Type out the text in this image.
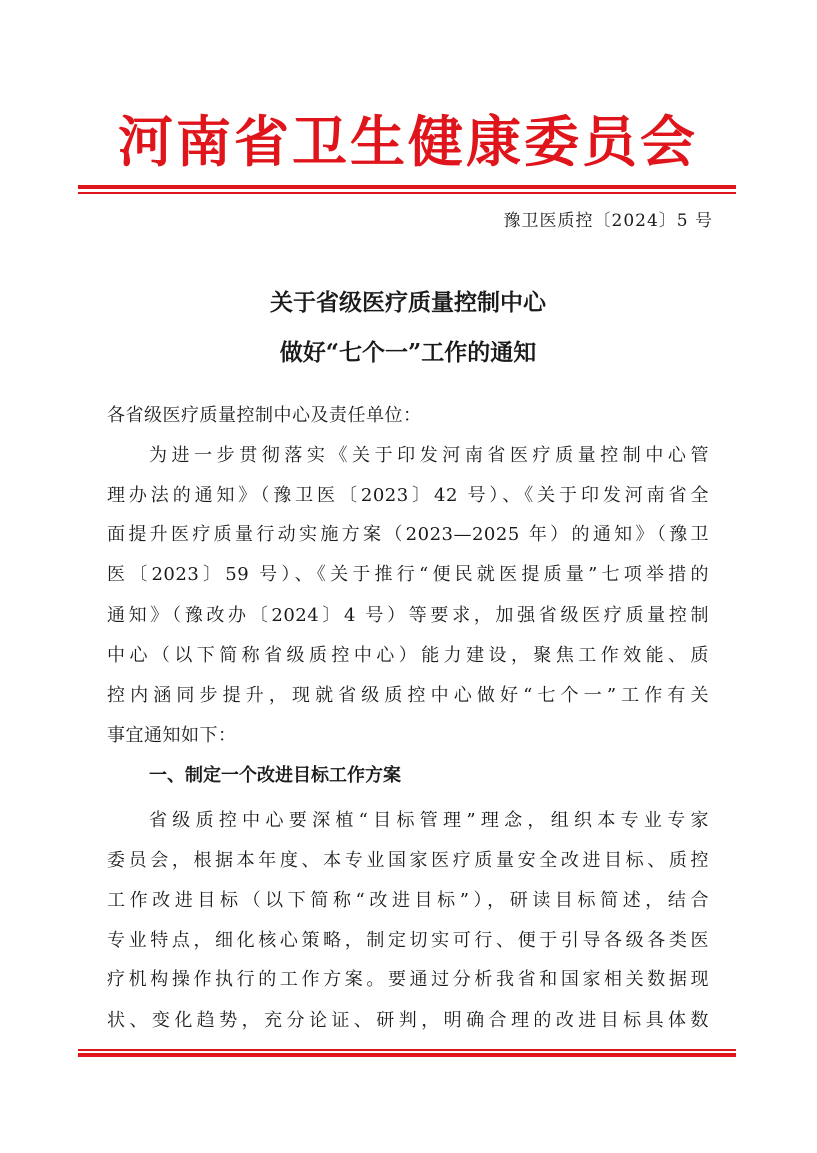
河南省卫生健康委员会
豫卫医质控〔2024〕5 号
关于省级医疗质量控制中心
做好“七个一”工作的通知
各省级医疗质量控制中心及责任单位：
为进一步贯彻落实《关于印发河南省医疗质量控制中心管
理办法的通知》（豫卫医〔2023〕42 号）、《关于印发河南省全
面提升医疗质量行动实施方案（2023—2025 年）的通知》（豫卫
医〔2023〕59 号）、《关于推行“便民就医提质量”七项举措的
通知》（豫改办〔2024〕4 号）等要求，加强省级医疗质量控制
中心（以下简称省级质控中心）能力建设，聚焦工作效能、质
控内涵同步提升，现就省级质控中心做好“七个一”工作有关
事宜通知如下：
一、制定一个改进目标工作方案
省级质控中心要深植“目标管理”理念，组织本专业专家
委员会，根据本年度、本专业国家医疗质量安全改进目标、质控
工作改进目标（以下简称“改进目标”），研读目标简述，结合
专业特点，细化核心策略，制定切实可行、便于引导各级各类医
疗机构操作执行的工作方案。要通过分析我省和国家相关数据现
状、变化趋势，充分论证、研判，明确合理的改进目标具体数
